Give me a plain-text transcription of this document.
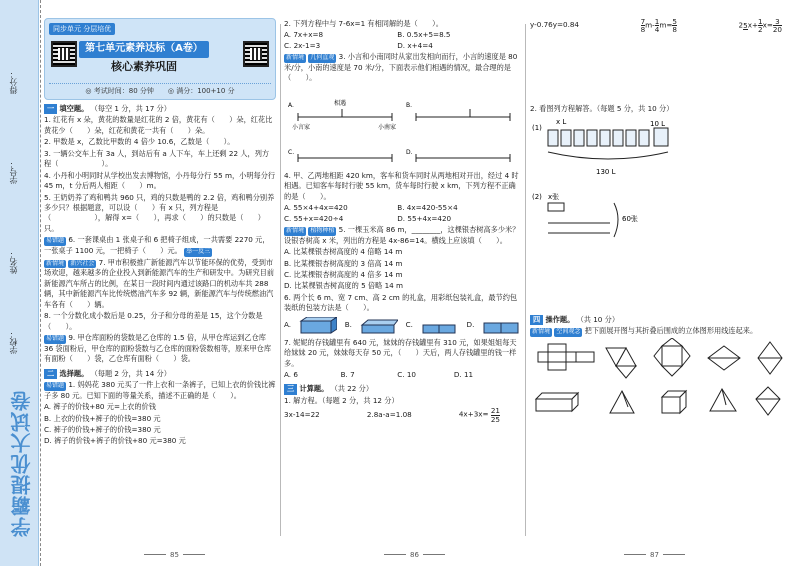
得分：
学号：
姓名：
学校：
学霸提优大试卷
同步单元 分层培优
第七单元素养达标（A卷）
核心素养巩固
◎ 考试时间：80 分钟　　◎ 满分：100+10 分
一 填空题。 （每空 1 分，共 17 分）
1. 红花有 x 朵，黄花的数量是红花的 2 倍，黄花有（　　）朵，红花比黄花少（　　）朵，红花和黄花一共有（　　）朵。
2. 甲数是 x，乙数比甲数的 4 倍少 10.6，乙数是（　　）。
3. 一辆公交车上有 3a 人，到站后有 a 人下车，车上还剩 22 人，列方程（　　　　　　）。
4. 小丹和小明同时从学校出发去博物馆，小丹每分行 55 m，小明每分行 45 m，t 分后两人相距（　　）m。
5. 王奶奶养了鸡和鸭共 960 只，鸡的只数是鸭的 2.2 倍，鸡和鸭分别养多少只？根据题意，可以设（　　）有 x 只，列方程是（　　　　　　），解得 x=（　　），再求（　　）的只数是（　　）只。
易错题 6. 一套课桌由 1 张桌子和 6 把椅子组成，一共需要 2270 元，一张桌子 1100 元，一把椅子（　　）元。 举一反三
新情境 新兴社会 7. 甲市积极推广新能源汽车以节能环保的优势，受到市场欢迎，越来越多的企业投入到新能源汽车的生产和研发中。为研究目前新能源汽车所占的比例，在某日一段时间内通过该路口的机动车共 288 辆，其中新能源汽车比传统燃油汽车多 92 辆，新能源汽车与传统燃油汽车各有（　　）辆。
8. 一个分数化成小数后是 0.25，分子和分母的差是 15，这个分数是（　　）。
易错题 9. 甲仓库面粉的袋数是乙仓库的 1.5 倍，从甲仓库运到乙仓库 36 袋面粉后，甲仓库的面粉袋数与乙仓库的面粉袋数相等，原来甲仓库有面粉（　　）袋，乙仓库有面粉（　　）袋。
二 选择题。 （每题 2 分，共 14 分）
易错题 1. 妈妈花 380 元买了一件上衣和一条裤子，已知上衣的价钱比裤子多 80 元。已知下面的等量关系，描述不正确的是（　　）。
A. 裤子的价钱+80 元=上衣的价钱
B. 上衣的价钱+裤子的价钱=380 元
C. 裤子的价钱+裤子的价钱=380 元
D. 裤子的价钱+裤子的价钱+80 元=380 元
85
2. 下列方程中与 7-6x=1 有相同解的是（　　）。
A. 7x+x=8	B. 0.5x+5=8.5 C. 2x-1=3	D. x+4=4
新情境 几何直观 3. 小言和小南同时从家出发相向而行，小言的速度是 80 米/分，小南的速度是 70 米/分，下面表示他们相遇的情况，最合理的是（　　）。
A.	相遇
小言家	小南家
B.

C.	D.
4. 甲、乙两地相距 420 km，客车和货车同时从两地相对开出，经过 4 时相遇。已知客车每时行驶 55 km，货车每时行驶 x km，下列方程不正确的是（　　）。
A. 55×4+4x=420	B. 4x=420-55×4 C. 55+x=420÷4	D. 55+4x=420
新情境 植物种植 5. 一棵玉米高 86 m，________，这棵银杏树高多少米？设银杏树高 x 米，列出的方程是 4x-86=14。横线上应该填（　　）。
A. 比某棵银杏树高度的 4 倍略 14 m
B. 比某棵银杏树高度的 3 倍高 14 m
C. 比某棵银杏树高度的 4 倍多 14 m
D. 比某棵银杏树高度的 5 倍略 14 m
6. 两个长 6 m、宽 7 cm、高 2 cm 的礼盒，用彩纸包装礼盒，最节约包装纸的包装方法是（　　）。
A.	B.	C.	D.
7. 妮妮的存钱罐里有 640 元，妹妹的存钱罐里有 310 元，如果姐姐每天给妹妹 20 元，妹妹每天存 50 元，（　　）天后，两人存钱罐里的钱一样多。
A. 6	B. 7	C. 10	D. 11
三 计算题。 （共 22 分）
1. 解方程。（每题 2 分，共 12 分）
3x-14=22	2.8a-a=1.08	$4x+3x= \frac{21}{25}$
86
y-0.76y=0.84	$\frac{7}{8} m- \frac{1}{4} m= \frac{5}{8}$	2 5 $x+ \frac{1}{2} x= \frac{3}{20}$
2. 看图列方程解答。（每题 5 分，共 10 分）
(1)
x L	10 L
130 L

(2) x张
60张
四 操作题。 （共 10 分）
新情境 空间观念 把下面展开图与其折叠后围成的立体图形用线连起来。

87
